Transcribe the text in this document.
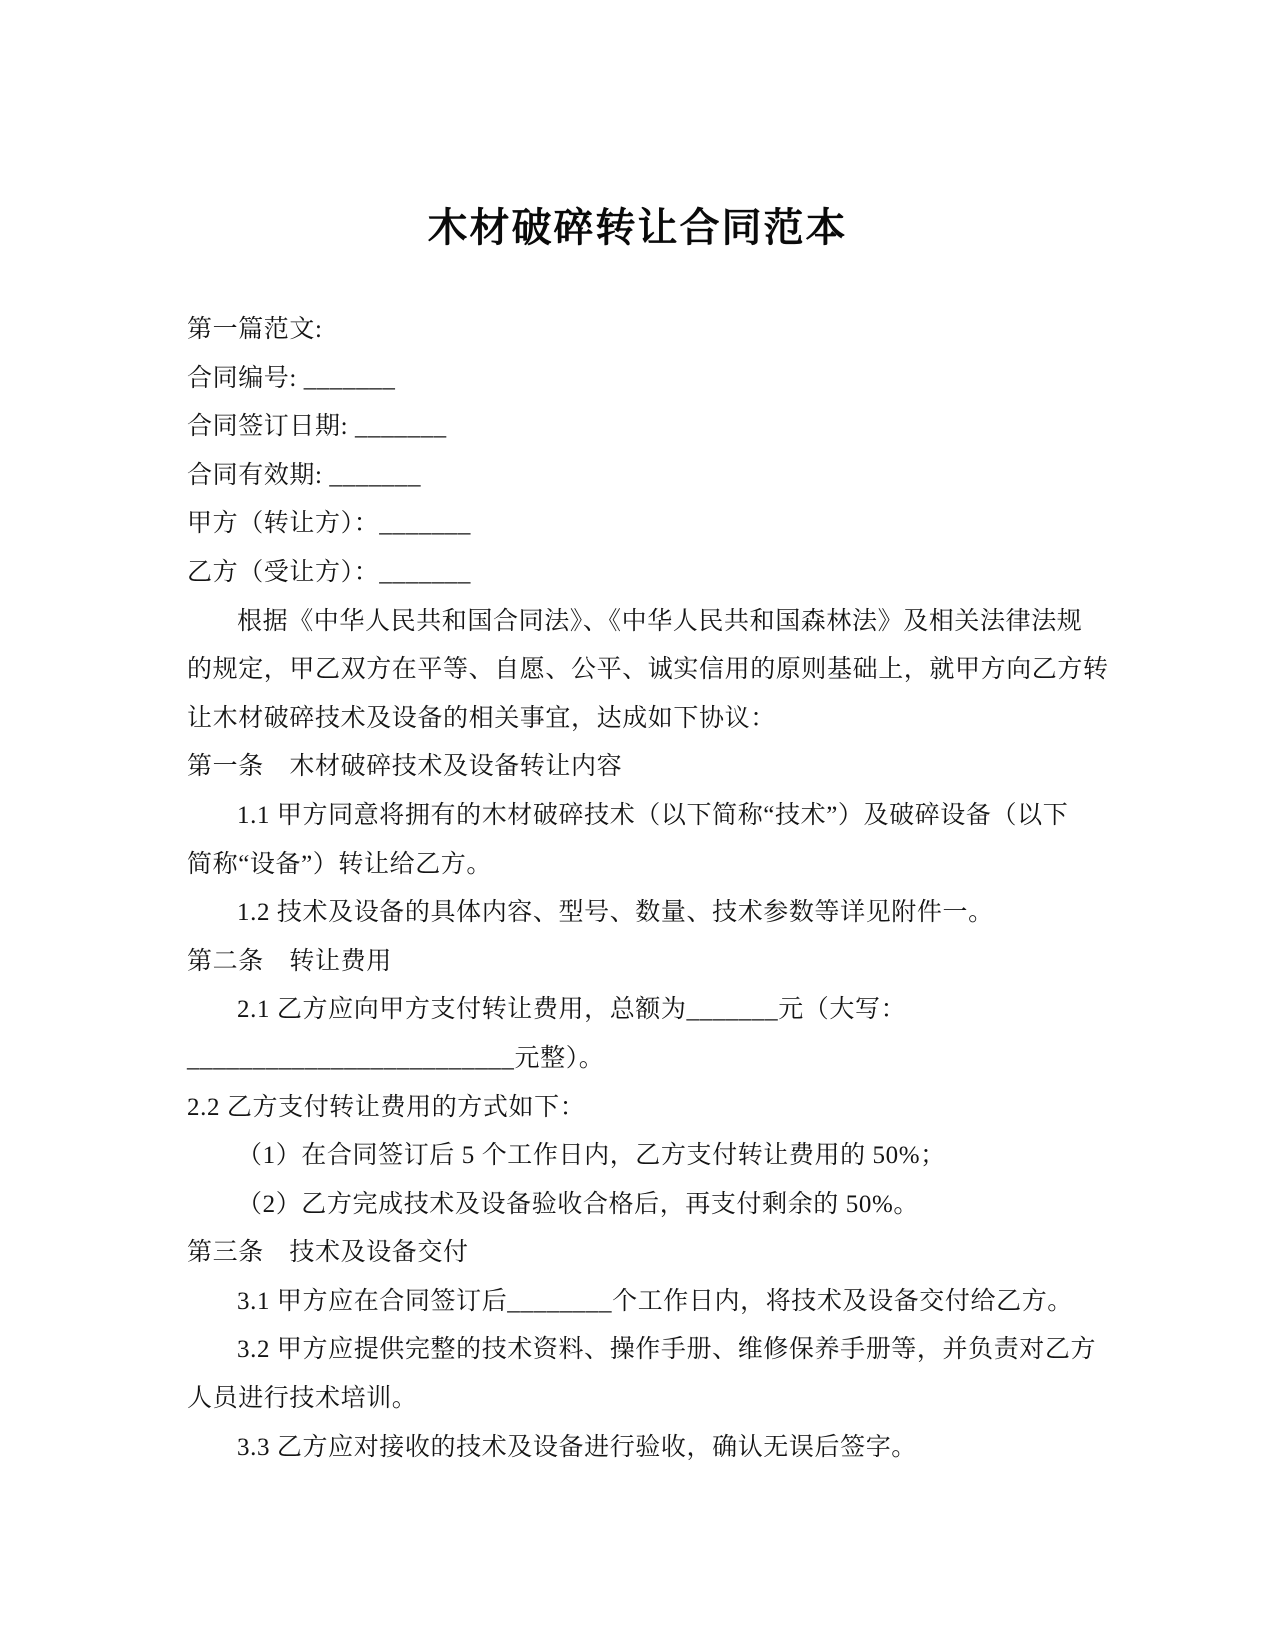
木材破碎转让合同范本
第一篇范文:
合同编号: _______
合同签订日期: _______
合同有效期: _______
甲方（转让方）：_______
乙方（受让方）：_______
根据《中华人民共和国合同法》、《中华人民共和国森林法》及相关法律法规
的规定，甲乙双方在平等、自愿、公平、诚实信用的原则基础上，就甲方向乙方转
让木材破碎技术及设备的相关事宜，达成如下协议：
第一条　木材破碎技术及设备转让内容
1.1 甲方同意将拥有的木材破碎技术（以下简称“技术”）及破碎设备（以下
简称“设备”）转让给乙方。
1.2 技术及设备的具体内容、型号、数量、技术参数等详见附件一。
第二条　转让费用
2.1 乙方应向甲方支付转让费用，总额为_______元（大写：
_________________________元整）。
2.2 乙方支付转让费用的方式如下：
（1）在合同签订后 5 个工作日内，乙方支付转让费用的 50%；
（2）乙方完成技术及设备验收合格后，再支付剩余的 50%。
第三条　技术及设备交付
3.1 甲方应在合同签订后________个工作日内，将技术及设备交付给乙方。
3.2 甲方应提供完整的技术资料、操作手册、维修保养手册等，并负责对乙方
人员进行技术培训。
3.3 乙方应对接收的技术及设备进行验收，确认无误后签字。
